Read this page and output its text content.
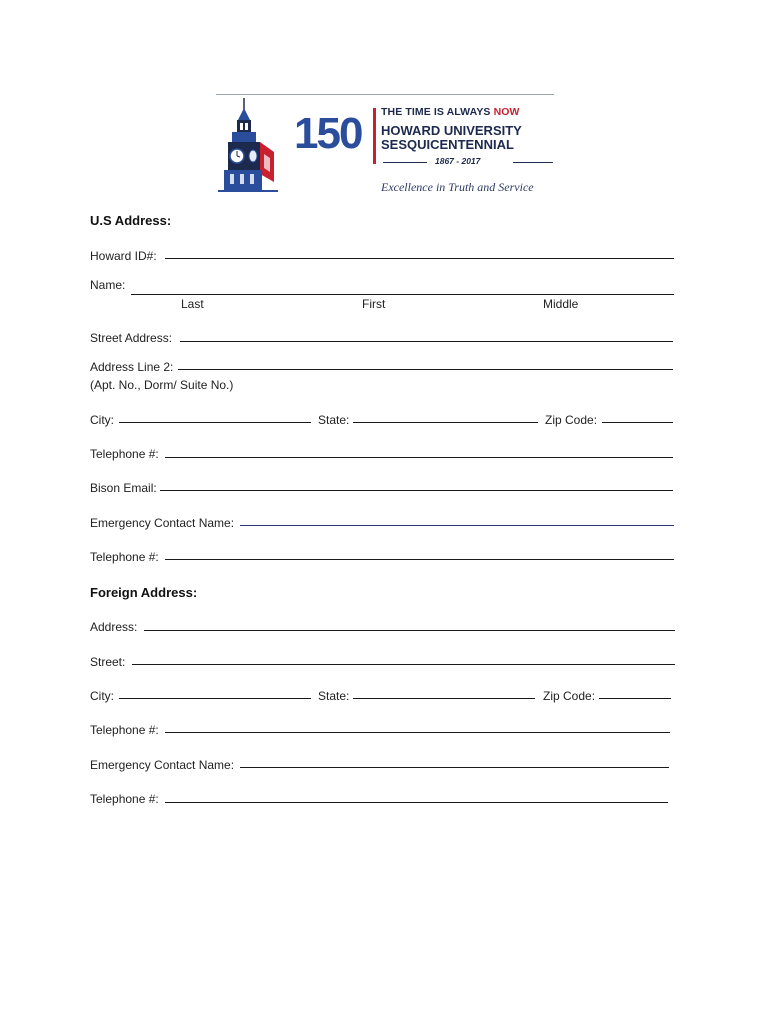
150 THE TIME IS ALWAYS NOW
HOWARD UNIVERSITY
SESQUICENTENNIAL
1867 - 2017
Excellence in Truth and Service
U.S Address:
Howard ID#:
Name:
Last	First	Middle
Street Address:
Address Line 2:
(Apt. No., Dorm/ Suite No.)
City:	State:	Zip Code:
Telephone #:
Bison Email:
Emergency Contact Name:
Telephone #:
Foreign Address:
Address:
Street:
City:	State:	Zip Code:
Telephone #:
Emergency Contact Name:
Telephone #:
